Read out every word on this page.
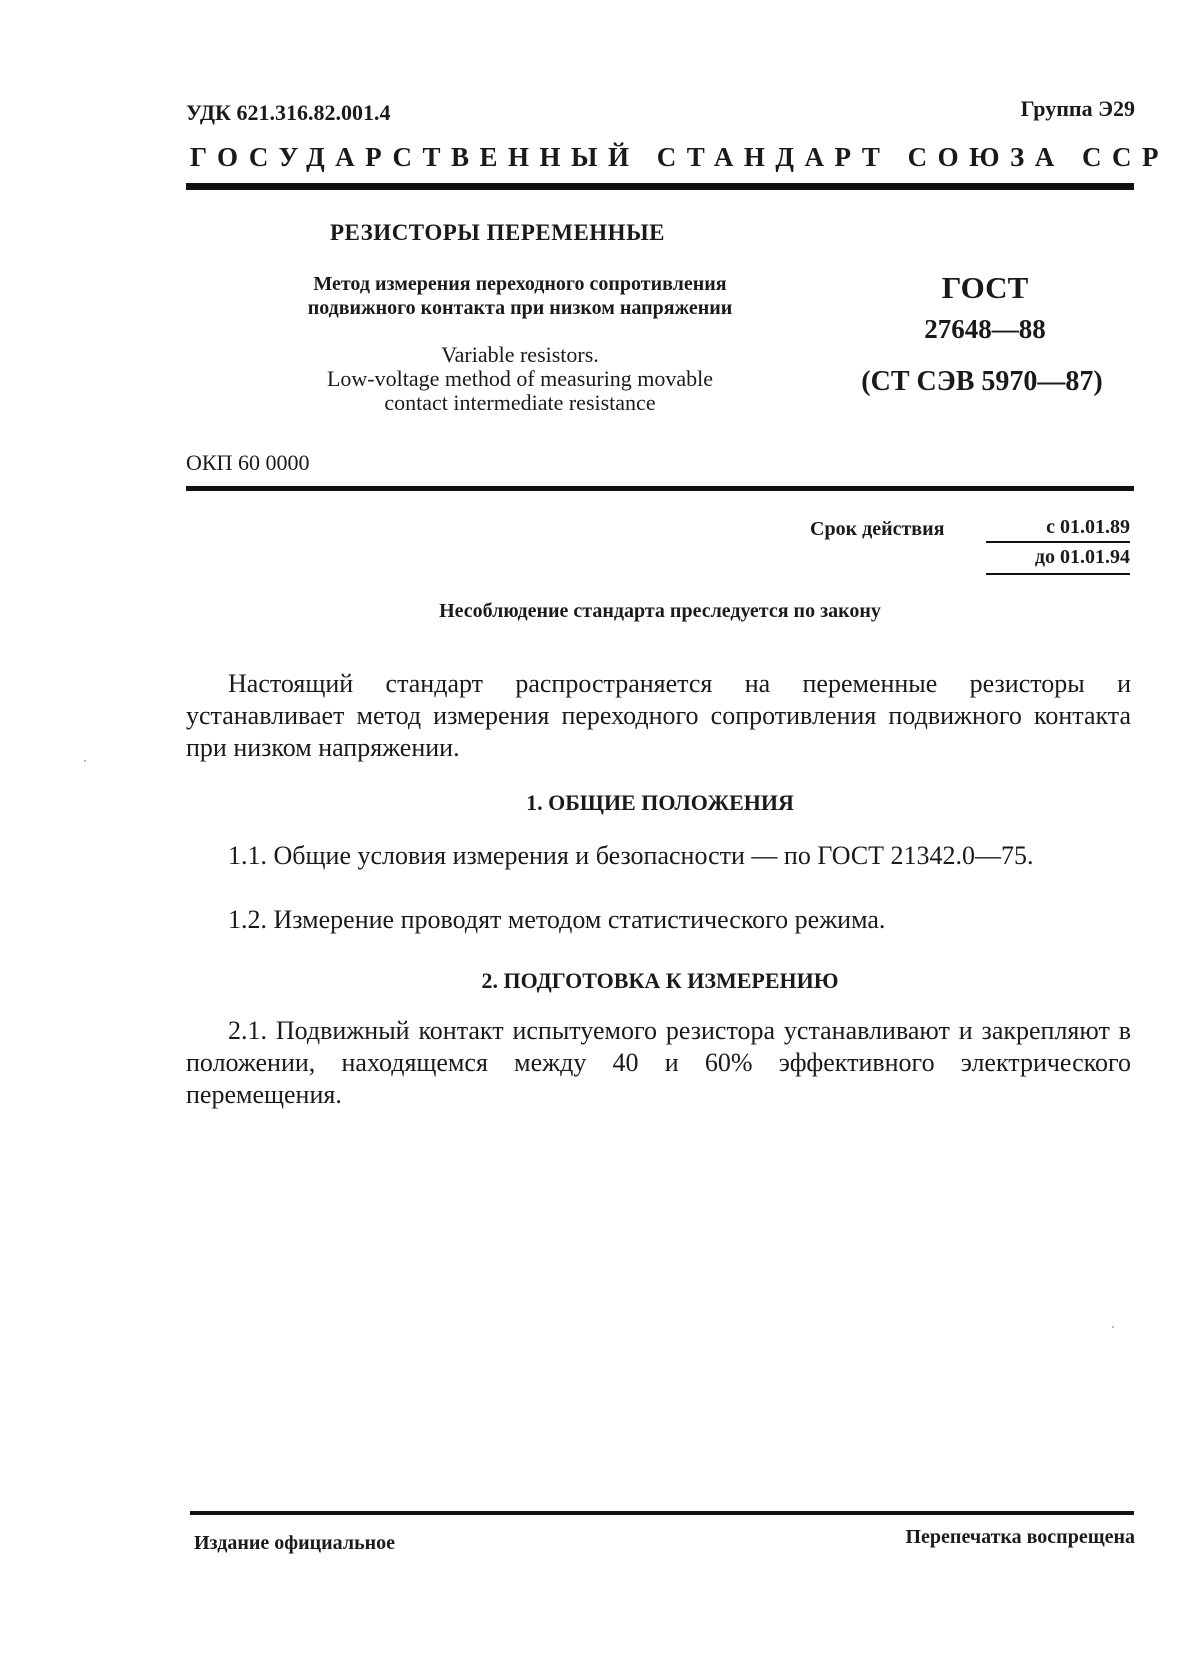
УДК 621.316.82.001.4	Группа Э29
ГОСУДАРСТВЕННЫЙ СТАНДАРТ СОЮЗА ССР
РЕЗИСТОРЫ ПЕРЕМЕННЫЕ
Метод измерения переходного сопротивления
подвижного контакта при низком напряжении
Variable resistors.
Low-voltage method of measuring movable
contact intermediate resistance
ГОСТ
27648—88
(СТ СЭВ 5970—87)
ОКП 60 0000
Срок действия	с 01.01.89
до 01.01.94
Несоблюдение стандарта преследуется по закону
Настоящий стандарт распространяется на переменные резисторы и устанавливает метод измерения переходного сопротивления подвижного контакта при низком напряжении.
1. ОБЩИЕ ПОЛОЖЕНИЯ
1.1. Общие условия измерения и безопасности — по ГОСТ 21342.0—75.
1.2. Измерение проводят методом статистического режима.
2. ПОДГОТОВКА К ИЗМЕРЕНИЮ
2.1. Подвижный контакт испытуемого резистора устанавливают и закрепляют в положении, находящемся между 40 и 60% эффективного электрического перемещения.
Издание официальное	Перепечатка воспрещена
